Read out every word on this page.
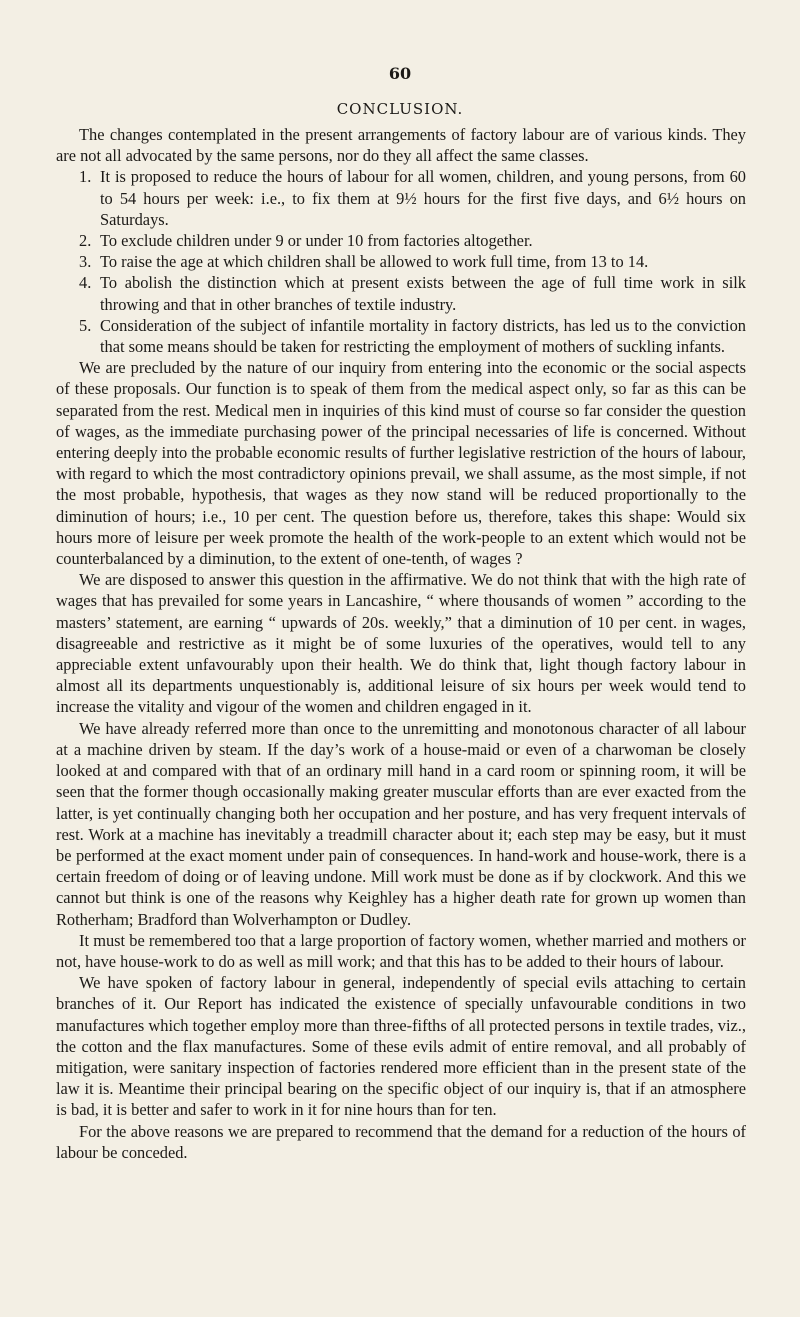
60
CONCLUSION.

The changes contemplated in the present arrangements of factory labour are of various kinds. They are not all advocated by the same persons, nor do they all affect the same classes.

1. It is proposed to reduce the hours of labour for all women, children, and young persons, from 60 to 54 hours per week: i.e., to fix them at 9½ hours for the first five days, and 6½ hours on Saturdays.
2. To exclude children under 9 or under 10 from factories altogether.
3. To raise the age at which children shall be allowed to work full time, from 13 to 14.
4. To abolish the distinction which at present exists between the age of full time work in silk throwing and that in other branches of textile industry.
5. Consideration of the subject of infantile mortality in factory districts, has led us to the conviction that some means should be taken for restricting the employment of mothers of suckling infants.

We are precluded by the nature of our inquiry from entering into the economic or the social aspects of these proposals. Our function is to speak of them from the medical aspect only, so far as this can be separated from the rest. Medical men in inquiries of this kind must of course so far consider the question of wages, as the immediate purchasing power of the principal necessaries of life is concerned. Without entering deeply into the probable economic results of further legislative restriction of the hours of labour, with regard to which the most contradictory opinions prevail, we shall assume, as the most simple, if not the most probable, hypothesis, that wages as they now stand will be reduced proportionally to the diminution of hours; i.e., 10 per cent. The question before us, therefore, takes this shape: Would six hours more of leisure per week promote the health of the work-people to an extent which would not be counterbalanced by a diminution, to the extent of one-tenth, of wages ?

We are disposed to answer this question in the affirmative. We do not think that with the high rate of wages that has prevailed for some years in Lancashire, “ where thousands of women ” according to the masters’ statement, are earning “ upwards of 20s. weekly,” that a diminution of 10 per cent. in wages, disagreeable and restrictive as it might be of some luxuries of the operatives, would tell to any appreciable extent unfavourably upon their health. We do think that, light though factory labour in almost all its departments unquestionably is, additional leisure of six hours per week would tend to increase the vitality and vigour of the women and children engaged in it.

We have already referred more than once to the unremitting and monotonous character of all labour at a machine driven by steam. If the day’s work of a house-maid or even of a charwoman be closely looked at and compared with that of an ordinary mill hand in a card room or spinning room, it will be seen that the former though occasionally making greater muscular efforts than are ever exacted from the latter, is yet continually changing both her occupation and her posture, and has very frequent intervals of rest. Work at a machine has inevitably a treadmill character about it; each step may be easy, but it must be performed at the exact moment under pain of consequences. In hand-work and house-work, there is a certain freedom of doing or of leaving undone. Mill work must be done as if by clockwork. And this we cannot but think is one of the reasons why Keighley has a higher death rate for grown up women than Rotherham; Bradford than Wolverhampton or Dudley.

It must be remembered too that a large proportion of factory women, whether married and mothers or not, have house-work to do as well as mill work; and that this has to be added to their hours of labour.

We have spoken of factory labour in general, independently of special evils attaching to certain branches of it. Our Report has indicated the existence of specially unfavourable conditions in two manufactures which together employ more than three-fifths of all protected persons in textile trades, viz., the cotton and the flax manufactures. Some of these evils admit of entire removal, and all probably of mitigation, were sanitary inspection of factories rendered more efficient than in the present state of the law it is. Meantime their principal bearing on the specific object of our inquiry is, that if an atmosphere is bad, it is better and safer to work in it for nine hours than for ten.

For the above reasons we are prepared to recommend that the demand for a reduction of the hours of labour be conceded.
